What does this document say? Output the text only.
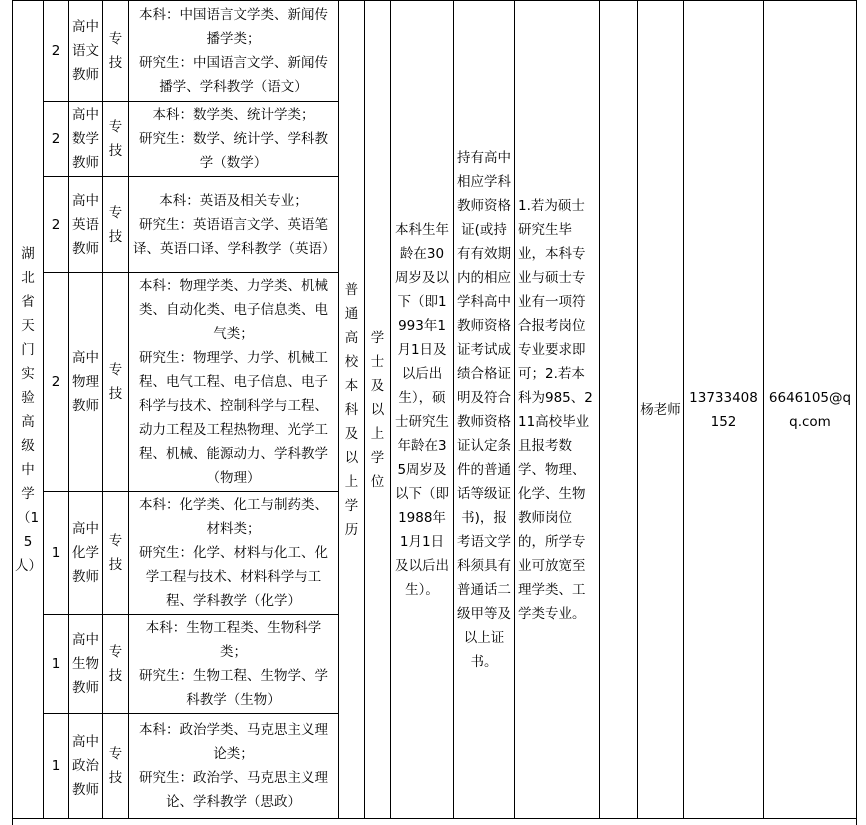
湖北省天门实验高级中学（15人）	2	高中语文教师	专技	本科：中国语言文学类、新闻传播学类；
研究生：中国语言文学、新闻传播学、学科教学（语文）	普通高校本科及以上学历	学士及以上学位	本科生年龄在30周岁及以下（即1993年1月1日及以后出生），硕士研究生年龄在35周岁及以下（即1988年1月1日及以后出生）。	持有高中相应学科教师资格证(或持有有效期内的相应学科高中教师资格证考试成绩合格证明及符合教师资格证认定条件的普通话等级证书)，报考语文学科须具有普通话二级甲等及以上证书。	1.若为硕士研究生毕业，本科专业与硕士专业有一项符合报考岗位专业要求即可；2.若本科为985、211高校毕业且报考数学、物理、化学、生物教师岗位的，所学专业可放宽至理学类、工学类专业。		杨老师	13733408152	6646105@qq.com
	2	高中数学教师	专技	本科：数学类、统计学类；
研究生：数学、统计学、学科教学（数学）									

	2	高中英语教师	专技	本科：英语及相关专业；
研究生：英语语言文学、英语笔译、英语口译、学科教学（英语）									

	2	高中物理教师	专技	本科：物理学类、力学类、机械类、自动化类、电子信息类、电气类；
研究生：物理学、力学、机械工程、电气工程、电子信息、电子科学与技术、控制科学与工程、动力工程及工程热物理、光学工程、机械、能源动力、学科教学（物理）									

	1	高中化学教师	专技	本科：化学类、化工与制药类、材料类；
研究生：化学、材料与化工、化学工程与技术、材料科学与工程、学科教学（化学）									

	1	高中生物教师	专技	本科：生物工程类、生物科学类；
研究生：生物工程、生物学、学科教学（生物）									

	1	高中政治教师	专技	本科：政治学类、马克思主义理论类；
研究生：政治学、马克思主义理论、学科教学（思政）									
